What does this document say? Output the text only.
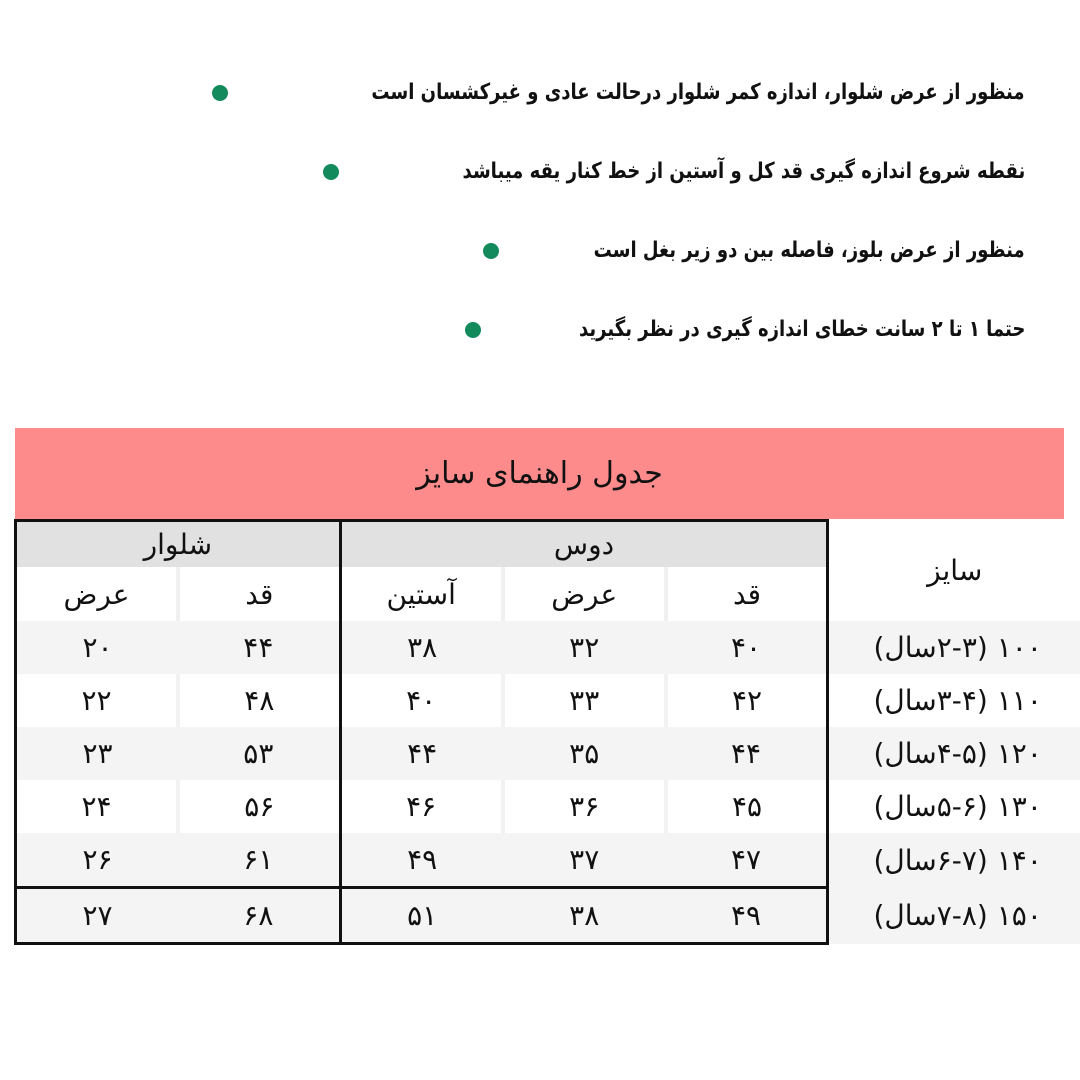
منظور از عرض شلوار، اندازه کمر شلوار درحالت عادی و غیرکشسان است
نقطه شروع اندازه گیری قد کل و آستین از خط کنار یقه میباشد
منظور از عرض بلوز، فاصله بین دو زیر بغل است
حتما ۱ تا ۲ سانت خطای اندازه گیری در نظر بگیرید
جدول راهنمای سایز
شلوار		دوس			سایز
عرض	قد	آستین	عرض	قد	
۲۰	۴۴	۳۸	۳۲	۴۰	۱۰۰ (۲-۳سال)
۲۲	۴۸	۴۰	۳۳	۴۲	۱۱۰ (۳-۴سال)
۲۳	۵۳	۴۴	۳۵	۴۴	۱۲۰ (۴-۵سال)
۲۴	۵۶	۴۶	۳۶	۴۵	۱۳۰ (۵-۶سال)
۲۶	۶۱	۴۹	۳۷	۴۷	۱۴۰ (۶-۷سال)
۲۷	۶۸	۵۱	۳۸	۴۹	۱۵۰ (۷-۸سال)
